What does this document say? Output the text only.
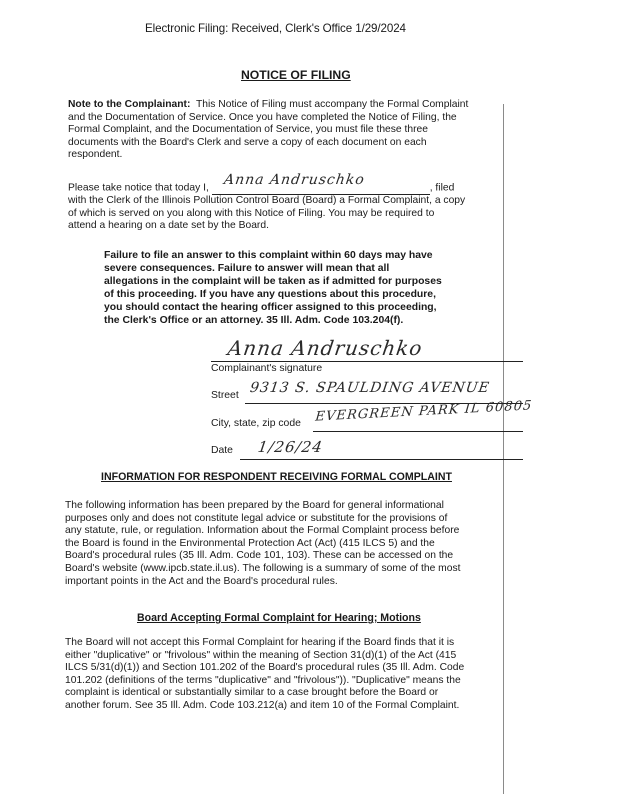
Electronic Filing: Received, Clerk's Office 1/29/2024
NOTICE OF FILING
Note to the Complainant: This Notice of Filing must accompany the Formal Complaint
and the Documentation of Service. Once you have completed the Notice of Filing, the
Formal Complaint, and the Documentation of Service, you must file these three
documents with the Board's Clerk and serve a copy of each document on each
respondent.
Please take notice that today I, Anna Andruschko	, filed
with the Clerk of the Illinois Pollution Control Board (Board) a Formal Complaint, a copy
of which is served on you along with this Notice of Filing. You may be required to
attend a hearing on a date set by the Board.
Failure to file an answer to this complaint within 60 days may have
severe consequences. Failure to answer will mean that all
allegations in the complaint will be taken as if admitted for purposes
of this proceeding. If you have any questions about this procedure,
you should contact the hearing officer assigned to this proceeding,
the Clerk's Office or an attorney. 35 Ill. Adm. Code 103.204(f).
Anna Andruschko
Complainant's signature
Street 9313 S. SPAULDING AVENUE
City, state, zip code EVERGREEN PARK IL 60805
Date 1/26/24
INFORMATION FOR RESPONDENT RECEIVING FORMAL COMPLAINT
The following information has been prepared by the Board for general informational
purposes only and does not constitute legal advice or substitute for the provisions of
any statute, rule, or regulation. Information about the Formal Complaint process before
the Board is found in the Environmental Protection Act (Act) (415 ILCS 5) and the
Board's procedural rules (35 Ill. Adm. Code 101, 103). These can be accessed on the
Board's website (www.ipcb.state.il.us). The following is a summary of some of the most
important points in the Act and the Board's procedural rules.
Board Accepting Formal Complaint for Hearing; Motions
The Board will not accept this Formal Complaint for hearing if the Board finds that it is
either "duplicative" or "frivolous" within the meaning of Section 31(d)(1) of the Act (415
ILCS 5/31(d)(1)) and Section 101.202 of the Board's procedural rules (35 Ill. Adm. Code
101.202 (definitions of the terms "duplicative" and "frivolous")). "Duplicative" means the
complaint is identical or substantially similar to a case brought before the Board or
another forum. See 35 Ill. Adm. Code 103.212(a) and item 10 of the Formal Complaint.
